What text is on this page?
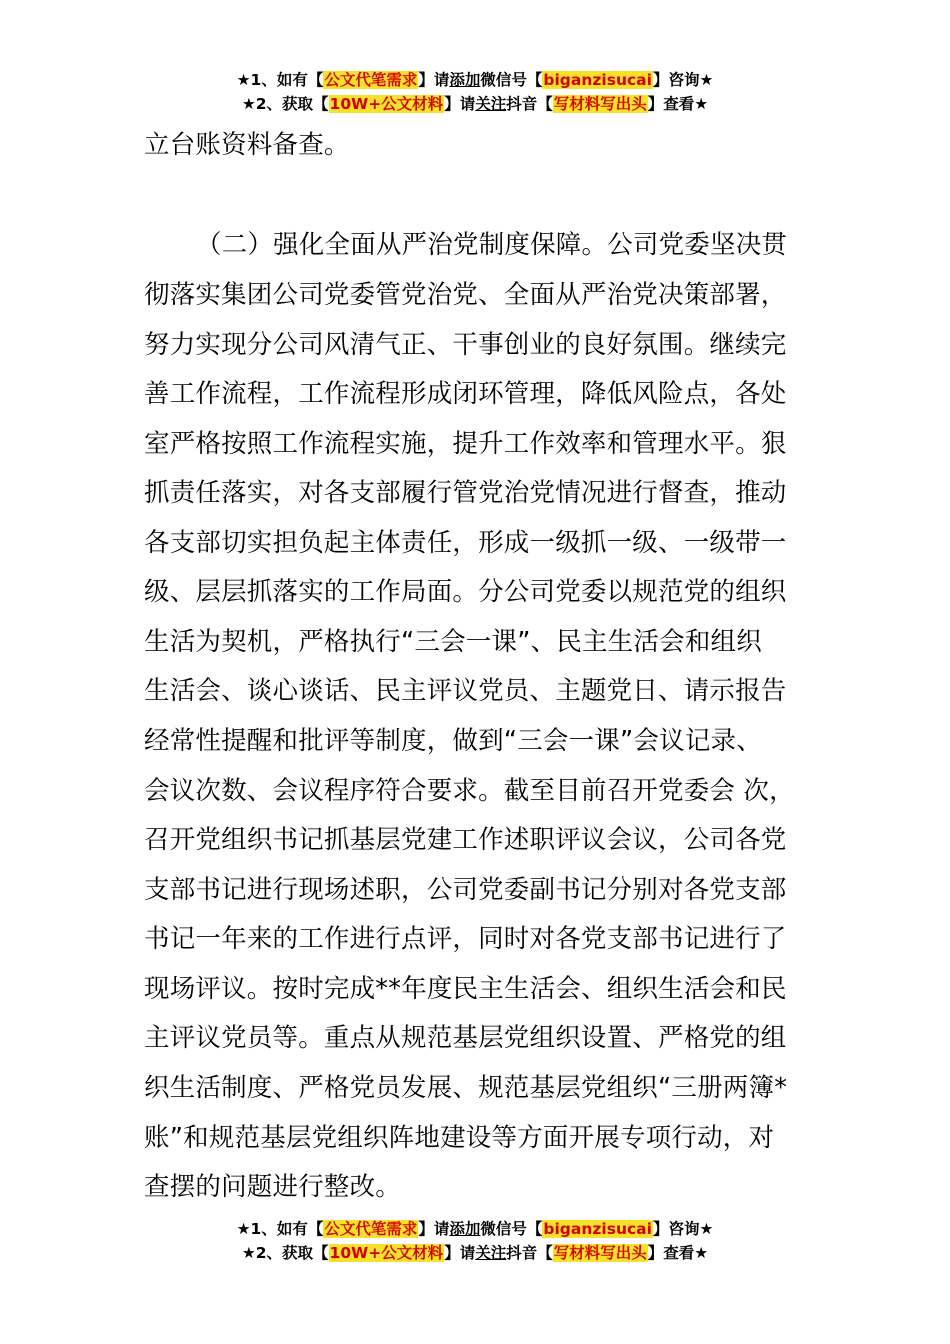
★1、如有【公文代笔需求】请添加微信号【biganzisucai】咨询★
★2、获取【10W+公文材料】请关注抖音【写材料写出头】查看★
立台账资料备查。
（二）强化全面从严治党制度保障。公司党委坚决贯
彻落实集团公司党委管党治党、全面从严治党决策部署，
努力实现分公司风清气正、干事创业的良好氛围。继续完
善工作流程，工作流程形成闭环管理，降低风险点，各处
室严格按照工作流程实施，提升工作效率和管理水平。狠
抓责任落实，对各支部履行管党治党情况进行督查，推动
各支部切实担负起主体责任，形成一级抓一级、一级带一
级、层层抓落实的工作局面。分公司党委以规范党的组织
生活为契机，严格执行“三会一课”、民主生活会和组织
生活会、谈心谈话、民主评议党员、主题党日、请示报告
经常性提醒和批评等制度，做到“三会一课”会议记录、
会议次数、会议程序符合要求。截至目前召开党委会 次，
召开党组织书记抓基层党建工作述职评议会议，公司各党
支部书记进行现场述职，公司党委副书记分别对各党支部
书记一年来的工作进行点评，同时对各党支部书记进行了
现场评议。按时完成**年度民主生活会、组织生活会和民
主评议党员等。重点从规范基层党组织设置、严格党的组
织生活制度、严格党员发展、规范基层党组织“三册两簿*
账”和规范基层党组织阵地建设等方面开展专项行动，对
查摆的问题进行整改。
★1、如有【公文代笔需求】请添加微信号【biganzisucai】咨询★
★2、获取【10W+公文材料】请关注抖音【写材料写出头】查看★
